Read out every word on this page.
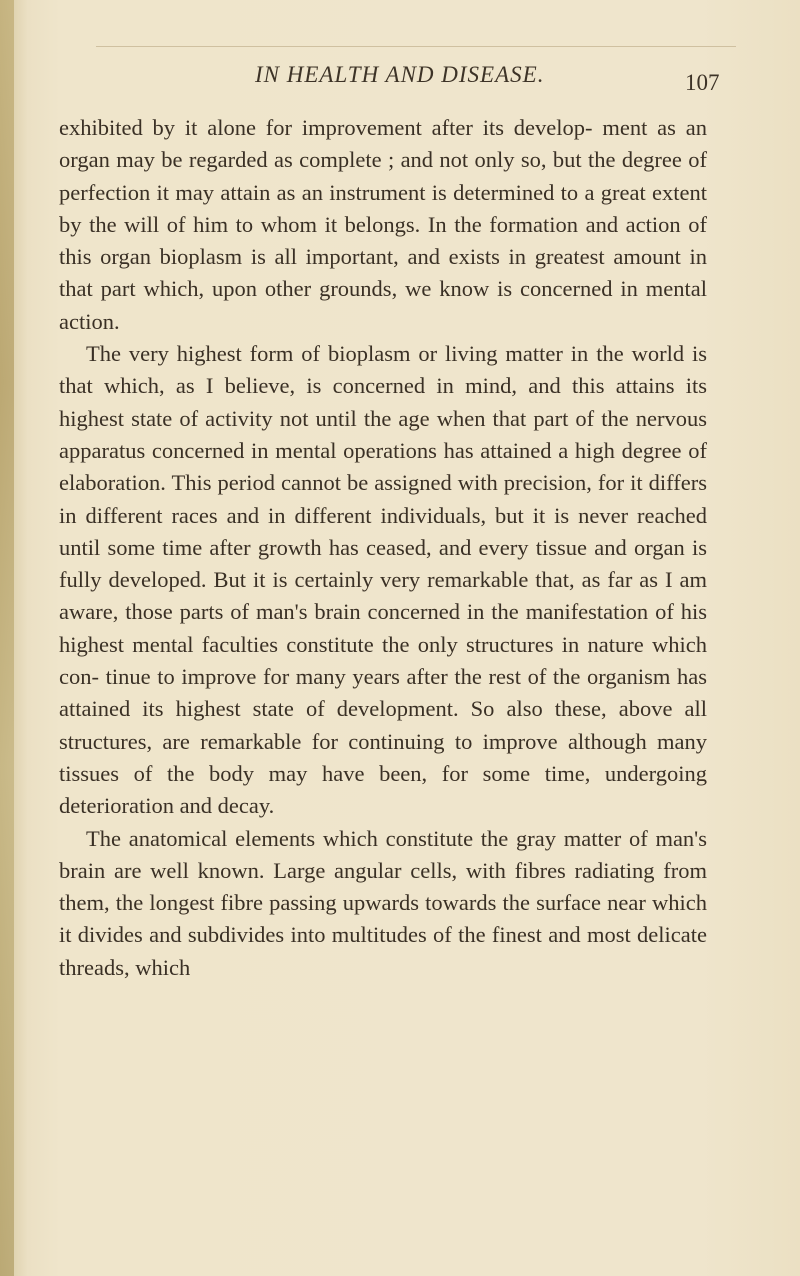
IN HEALTH AND DISEASE.	107

exhibited by it alone for improvement after its develop- ment as an organ may be regarded as complete ; and not only so, but the degree of perfection it may attain as an instrument is determined to a great extent by the will of him to whom it belongs. In the formation and action of this organ bioplasm is all important, and exists in greatest amount in that part which, upon other grounds, we know is concerned in mental action.

The very highest form of bioplasm or living matter in the world is that which, as I believe, is concerned in mind, and this attains its highest state of activity not until the age when that part of the nervous apparatus concerned in mental operations has attained a high degree of elaboration. This period cannot be assigned with precision, for it differs in different races and in different individuals, but it is never reached until some time after growth has ceased, and every tissue and organ is fully developed. But it is certainly very remarkable that, as far as I am aware, those parts of man's brain concerned in the manifestation of his highest mental faculties constitute the only structures in nature which con- tinue to improve for many years after the rest of the organism has attained its highest state of development. So also these, above all structures, are remarkable for continuing to improve although many tissues of the body may have been, for some time, undergoing deterioration and decay.

The anatomical elements which constitute the gray matter of man's brain are well known. Large angular cells, with fibres radiating from them, the longest fibre passing upwards towards the surface near which it divides and subdivides into multitudes of the finest and most delicate threads, which
